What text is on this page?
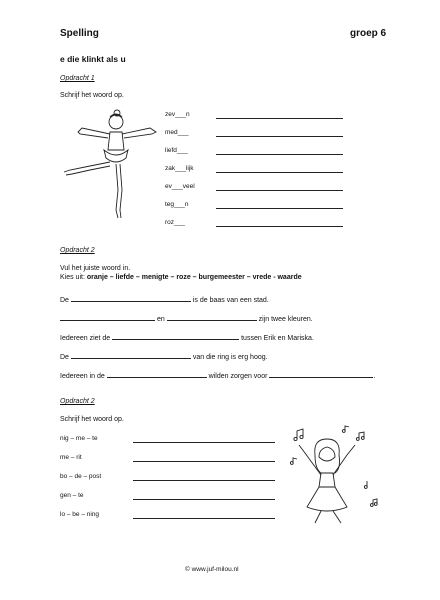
Spelling	groep 6
e die klinkt als u
Opdracht 1
Schrijf het woord op.
zev___n
med___
liefd___
zak___lijk
ev___veel
teg___n
roz___
Opdracht 2
Vul het juiste woord in.
Kies uit: oranje – liefde – menigte – roze – burgemeester – vrede - waarde
De	is de baas van een stad.
en	zijn twee kleuren.
Iedereen ziet de	tussen Erik en Mariska.
De	van die ring is erg hoog.
Iedereen in de	wilden zorgen voor	.
Opdracht 2
Schrijf het woord op.
nig – me – te
me – rit
bo – de – post
gen – te
lo – be – ning
© www.juf-milou.nl
